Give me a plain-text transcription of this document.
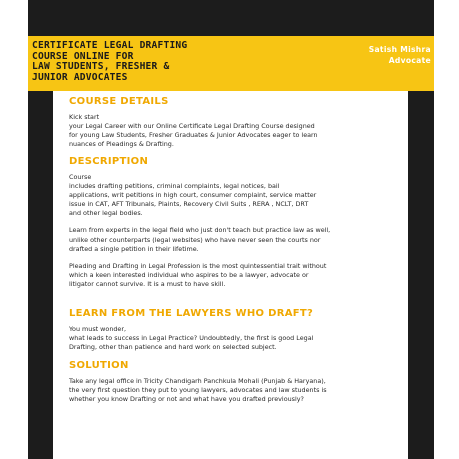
CERTIFICATE LEGAL DRAFTING
COURSE ONLINE FOR
LAW STUDENTS, FRESHER &
JUNIOR ADVOCATES
Satish Mishra
Advocate
COURSE DETAILS

Kick start
your Legal Career with our Online Certificate Legal Drafting Course designed
for young Law Students, Fresher Graduates & Junior Advocates eager to learn
nuances of Pleadings & Drafting.

DESCRIPTION

Course
includes drafting petitions, criminal complaints, legal notices, bail
applications, writ petitions in high court, consumer complaint, service matter
issue in CAT, AFT Tribunals, Plaints, Recovery Civil Suits , RERA , NCLT, DRT
and other legal bodies.

Learn from experts in the legal field who just don't teach but practice law as well,
unlike other counterparts (legal websites) who have never seen the courts nor
drafted a single petition in their lifetime.

Pleading and Drafting in Legal Profession is the most quintessential trait without
which a keen interested individual who aspires to be a lawyer, advocate or
litigator cannot survive. It is a must to have skill.

LEARN FROM THE LAWYERS WHO DRAFT?

You must wonder,
what leads to success in Legal Practice? Undoubtedly, the first is good Legal
Drafting, other than patience and hard work on selected subject.

SOLUTION

Take any legal office in Tricity Chandigarh Panchkula Mohali (Punjab & Haryana),
the very first question they put to young lawyers, advocates and law students is
whether you know Drafting or not and what have you drafted previously?
